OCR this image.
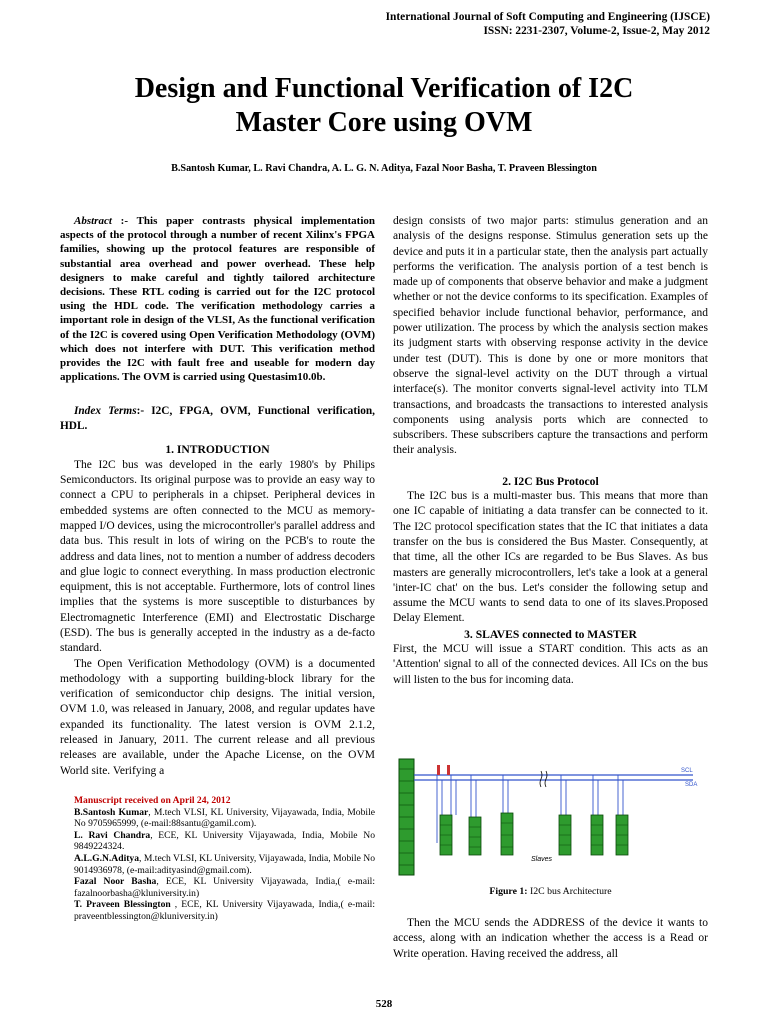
International Journal of Soft Computing and Engineering (IJSCE)
ISSN: 2231-2307, Volume-2, Issue-2, May 2012
Design and Functional Verification of I2C
Master Core using OVM
B.Santosh Kumar, L. Ravi Chandra, A. L. G. N. Aditya, Fazal Noor Basha, T. Praveen Blessington

Abstract :- This paper contrasts physical implementation aspects of the protocol through a number of recent Xilinx's FPGA families, showing up the protocol features are responsible of substantial area overhead and power overhead. These help designers to make careful and tightly tailored architecture decisions. These RTL coding is carried out for the I2C protocol using the HDL code. The verification methodology carries a important role in design of the VLSI, As the functional verification of the I2C is covered using Open Verification Methodology (OVM) which does not interfere with DUT. This verification method provides the I2C with fault free and useable for modern day applications. The OVM is carried using Questasim10.0b.

Index Terms:- I2C, FPGA, OVM, Functional verification, HDL.

1. INTRODUCTION

The I2C bus was developed in the early 1980's by Philips Semiconductors. Its original purpose was to provide an easy way to connect a CPU to peripherals in a chipset. Peripheral devices in embedded systems are often connected to the MCU as memory-mapped I/O devices, using the microcontroller's parallel address and data bus. This result in lots of wiring on the PCB's to route the address and data lines, not to mention a number of address decoders and glue logic to connect everything. In mass production electronic equipment, this is not acceptable. Furthermore, lots of control lines implies that the systems is more susceptible to disturbances by Electromagnetic Interference (EMI) and Electrostatic Discharge (ESD). The bus is generally accepted in the industry as a de-facto standard.

The Open Verification Methodology (OVM) is a documented methodology with a supporting building-block library for the verification of semiconductor chip designs. The initial version, OVM 1.0, was released in January, 2008, and regular updates have expanded its functionality. The latest version is OVM 2.1.2, released in January, 2011. The current release and all previous releases are available, under the Apache License, on the OVM World site. Verifying a

Manuscript received on April 24, 2012

B.Santosh Kumar, M.tech VLSI, KL University, Vijayawada, India, Mobile No 9705965999, (e-mail:88santu@gamil.com).

L. Ravi Chandra, ECE, KL University Vijayawada, India, Mobile No 9849224324.

A.L.G.N.Aditya, M.tech VLSI, KL University, Vijayawada, India, Mobile No 9014936978, (e-mail:adityasind@gmail.com).

Fazal Noor Basha, ECE, KL University Vijayawada, India,( e-mail: fazalnoorbasha@kluniversity.in)

T. Praveen Blessington , ECE, KL University Vijayawada, India,( e-mail: praveentblessington@kluniversity.in)

design consists of two major parts: stimulus generation and an analysis of the designs response. Stimulus generation sets up the device and puts it in a particular state, then the analysis part actually performs the verification. The analysis portion of a test bench is made up of components that observe behavior and make a judgment whether or not the device conforms to its specification. Examples of specified behavior include functional behavior, performance, and power utilization. The process by which the analysis section makes its judgment starts with observing response activity in the device under test (DUT). This is done by one or more monitors that observe the signal-level activity on the DUT through a virtual interface(s). The monitor converts signal-level activity into TLM transactions, and broadcasts the transactions to interested analysis components using analysis ports which are connected to subscribers. These subscribers capture the transactions and perform their analysis.

2. I2C Bus Protocol

The I2C bus is a multi-master bus. This means that more than one IC capable of initiating a data transfer can be connected to it. The I2C protocol specification states that the IC that initiates a data transfer on the bus is considered the Bus Master. Consequently, at that time, all the other ICs are regarded to be Bus Slaves. As bus masters are generally microcontrollers, let's take a look at a general 'inter-IC chat' on the bus. Let's consider the following setup and assume the MCU wants to send data to one of its slaves.Proposed Delay Element.

3. SLAVES connected to MASTER

First, the MCU will issue a START condition. This acts as an 'Attention' signal to all of the connected devices. All ICs on the bus will listen to the bus for incoming data.

SCL
SDA
Slaves
Figure 1: I2C bus Architecture
Then the MCU sends the ADDRESS of the device it wants to access, along with an indication whether the access is a Read or Write operation. Having received the address, all
528
